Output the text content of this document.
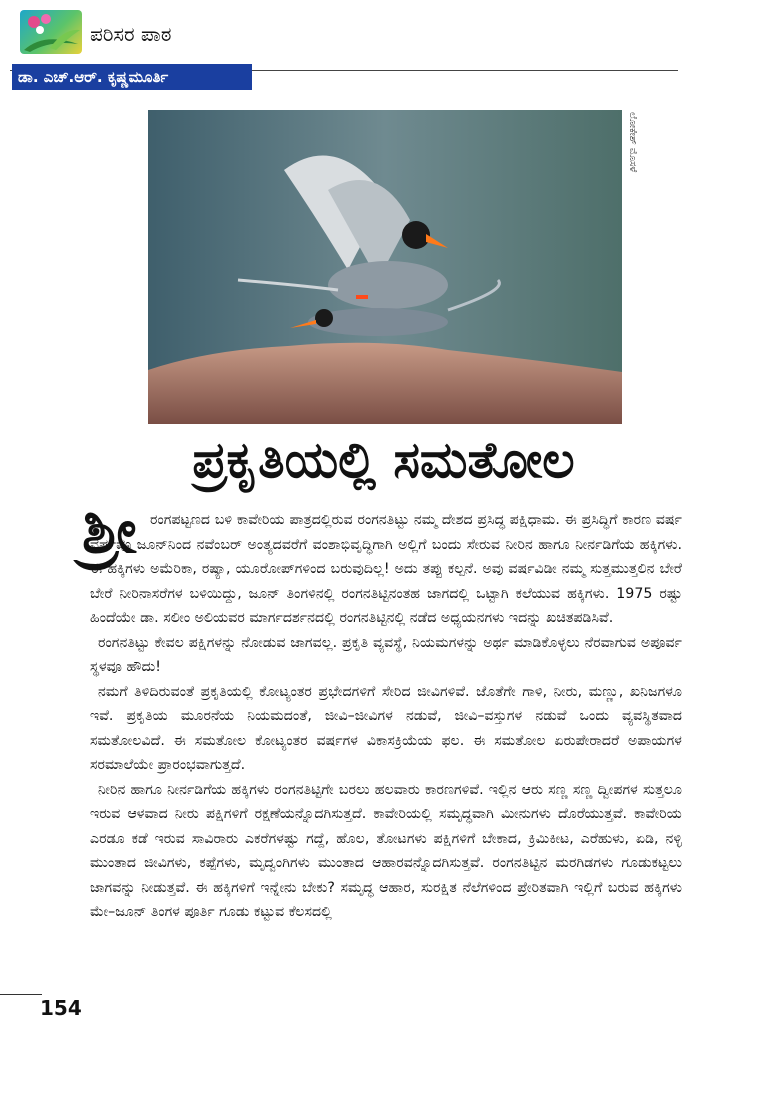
ಪರಿಸರ ಪಾಠ
ಡಾ. ಎಚ್.ಆರ್. ಕೃಷ್ಣಮೂರ್ತಿ
ಲೋಕೇಶ್ ಮೊಸಳೆ
ಪ್ರಕೃತಿಯಲ್ಲಿ ಸಮತೋಲ
ಶ್ರೀ ರಂಗಪಟ್ಟಣದ ಬಳಿ ಕಾವೇರಿಯ ಪಾತ್ರದಲ್ಲಿರುವ ರಂಗನತಿಟ್ಟು ನಮ್ಮ ದೇಶದ ಪ್ರಸಿದ್ಧ ಪಕ್ಷಿಧಾಮ. ಈ ಪ್ರಸಿದ್ಧಿಗೆ ಕಾರಣ ವರ್ಷ ವರ್ಷವೂ ಜೂನ್‌ನಿಂದ ನವೆಂಬರ್ ಅಂತ್ಯದವರೆಗೆ ವಂಶಾಭಿವೃದ್ಧಿಗಾಗಿ ಅಲ್ಲಿಗೆ ಬಂದು ಸೇರುವ ನೀರಿನ ಹಾಗೂ ನೀರ್ನಡಿಗೆಯ ಹಕ್ಕಿಗಳು. ಈ ಹಕ್ಕಿಗಳು ಅಮೆರಿಕಾ, ರಷ್ಯಾ, ಯೂರೋಪ್‌ಗಳಿಂದ ಬರುವುದಿಲ್ಲ! ಅದು ತಪ್ಪು ಕಲ್ಪನೆ. ಅವು ವರ್ಷವಿಡೀ ನಮ್ಮ ಸುತ್ತಮುತ್ತಲಿನ ಬೇರೆ ಬೇರೆ ನೀರಿನಾಸರೆಗಳ ಬಳಿಯಿದ್ದು, ಜೂನ್ ತಿಂಗಳಿನಲ್ಲಿ ರಂಗನತಿಟ್ಟಿನಂತಹ ಜಾಗದಲ್ಲಿ ಒಟ್ಟಾಗಿ ಕಲೆಯುವ ಹಕ್ಕಿಗಳು. 1975 ರಷ್ಟು ಹಿಂದೆಯೇ ಡಾ. ಸಲೀಂ ಅಲಿಯವರ ಮಾರ್ಗದರ್ಶನದಲ್ಲಿ ರಂಗನತಿಟ್ಟಿನಲ್ಲಿ ನಡೆದ ಅಧ್ಯಯನಗಳು ಇದನ್ನು ಖಚಿತಪಡಿಸಿವೆ.

ರಂಗನತಿಟ್ಟು ಕೇವಲ ಪಕ್ಷಿಗಳನ್ನು ನೋಡುವ ಜಾಗವಲ್ಲ. ಪ್ರಕೃತಿ ವ್ಯವಸ್ಥೆ, ನಿಯಮಗಳನ್ನು ಅರ್ಥ ಮಾಡಿಕೊಳ್ಳಲು ನೆರವಾಗುವ ಅಪೂರ್ವ ಸ್ಥಳವೂ ಹೌದು!

ನಮಗೆ ತಿಳಿದಿರುವಂತೆ ಪ್ರಕೃತಿಯಲ್ಲಿ ಕೋಟ್ಯಂತರ ಪ್ರಭೇದಗಳಿಗೆ ಸೇರಿದ ಜೀವಿಗಳಿವೆ. ಜೊತೆಗೇ ಗಾಳಿ, ನೀರು, ಮಣ್ಣು, ಖನಿಜಗಳೂ ಇವೆ. ಪ್ರಕೃತಿಯ ಮೂರನೆಯ ನಿಯಮದಂತೆ, ಜೀವಿ–ಜೀವಿಗಳ ನಡುವೆ, ಜೀವಿ–ವಸ್ತುಗಳ ನಡುವೆ ಒಂದು ವ್ಯವಸ್ಥಿತವಾದ ಸಮತೋಲವಿದೆ. ಈ ಸಮತೋಲ ಕೋಟ್ಯಂತರ ವರ್ಷಗಳ ವಿಕಾಸಕ್ರಿಯೆಯ ಫಲ. ಈ ಸಮತೋಲ ಏರುಪೇರಾದರೆ ಅಪಾಯಗಳ ಸರಮಾಲೆಯೇ ಪ್ರಾರಂಭವಾಗುತ್ತದೆ.

ನೀರಿನ ಹಾಗೂ ನೀರ್ನಡಿಗೆಯ ಹಕ್ಕಿಗಳು ರಂಗನತಿಟ್ಟಿಗೇ ಬರಲು ಹಲವಾರು ಕಾರಣಗಳಿವೆ. ಇಲ್ಲಿನ ಆರು ಸಣ್ಣ ಸಣ್ಣ ದ್ವೀಪಗಳ ಸುತ್ತಲೂ ಇರುವ ಆಳವಾದ ನೀರು ಪಕ್ಷಿಗಳಿಗೆ ರಕ್ಷಣೆಯನ್ನೊದಗಿಸುತ್ತದೆ. ಕಾವೇರಿಯಲ್ಲಿ ಸಮೃದ್ಧವಾಗಿ ಮೀನುಗಳು ದೊರೆಯುತ್ತವೆ. ಕಾವೇರಿಯ ಎರಡೂ ಕಡೆ ಇರುವ ಸಾವಿರಾರು ಎಕರೆಗಳಷ್ಟು ಗದ್ದೆ, ಹೊಲ, ತೋಟಗಳು ಪಕ್ಷಿಗಳಿಗೆ ಬೇಕಾದ, ಕ್ರಿಮಿಕೀಟ, ಎರೆಹುಳು, ಏಡಿ, ನಳ್ಳಿ ಮುಂತಾದ ಜೀವಿಗಳು, ಕಪ್ಪೆಗಳು, ಮೃದ್ವಂಗಿಗಳು ಮುಂತಾದ ಆಹಾರವನ್ನೊದಗಿಸುತ್ತವೆ. ರಂಗನತಿಟ್ಟಿನ ಮರಗಿಡಗಳು ಗೂಡುಕಟ್ಟಲು ಜಾಗವನ್ನು ನೀಡುತ್ತವೆ. ಈ ಹಕ್ಕಿಗಳಿಗೆ ಇನ್ನೇನು ಬೇಕು? ಸಮೃದ್ಧ ಆಹಾರ, ಸುರಕ್ಷಿತ ನೆಲೆಗಳಿಂದ ಪ್ರೇರಿತವಾಗಿ ಇಲ್ಲಿಗೆ ಬರುವ ಹಕ್ಕಿಗಳು ಮೇ–ಜೂನ್ ತಿಂಗಳ ಪೂರ್ತಿ ಗೂಡು ಕಟ್ಟುವ ಕೆಲಸದಲ್ಲಿ

154
